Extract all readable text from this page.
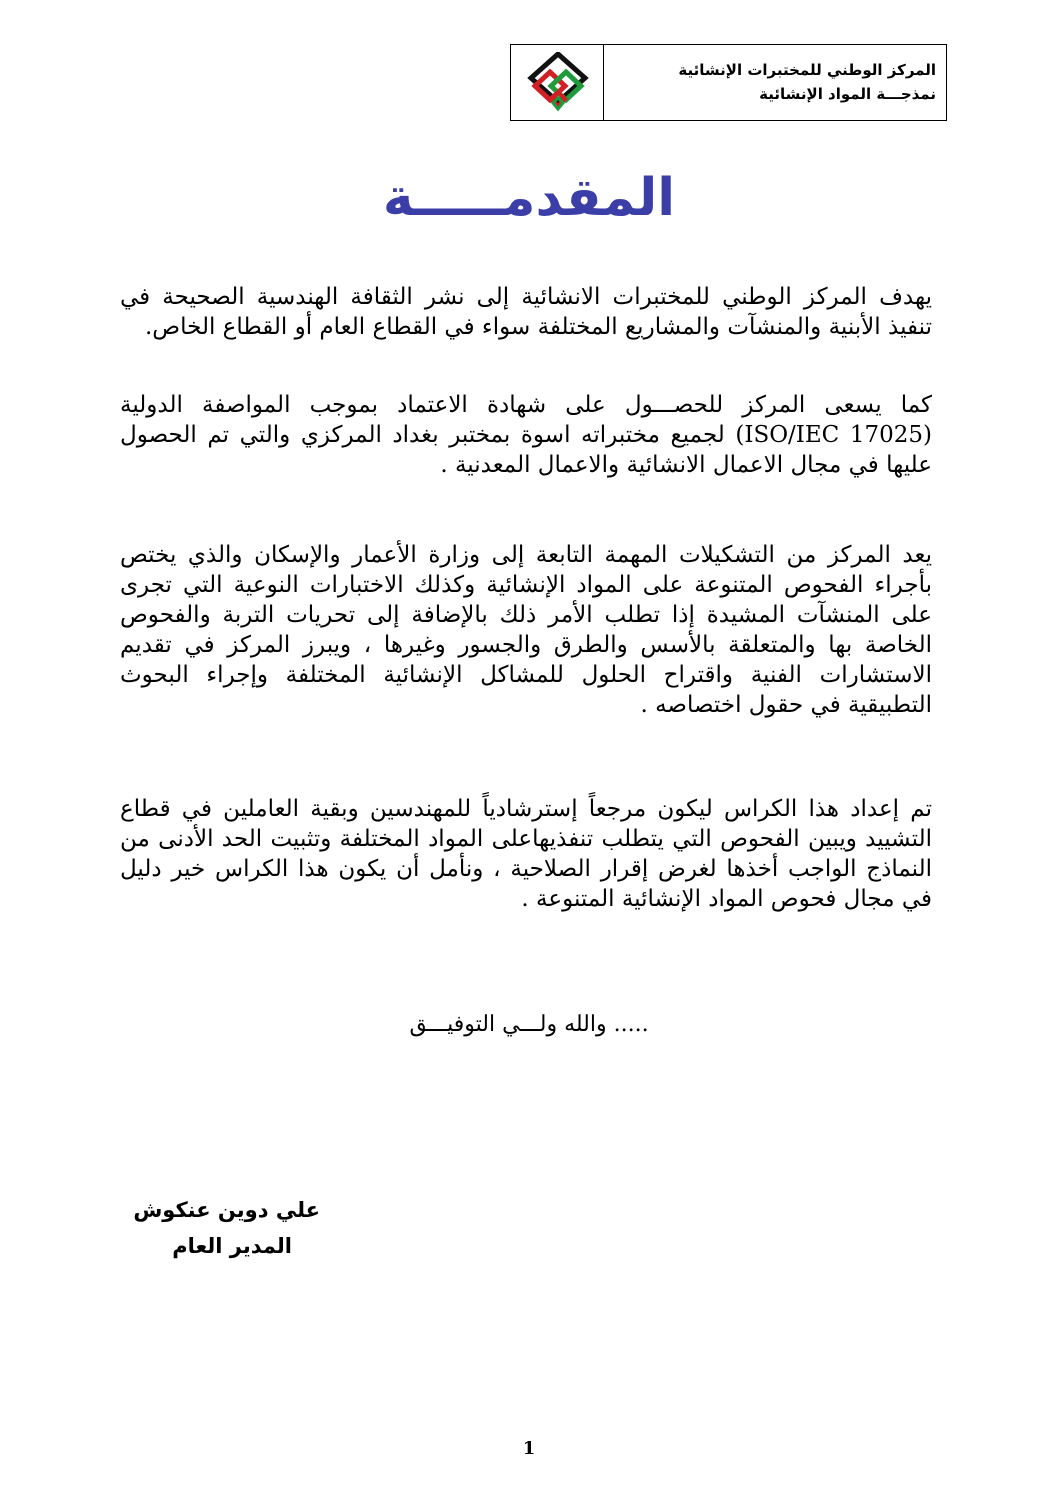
المركز الوطني للمختبرات الإنشائية
نمذجـــة المواد الإنشائية
المقدمـــــة

يهدف المركز الوطني للمختبرات الانشائية إلى نشر الثقافة الهندسية الصحيحة في تنفيذ الأبنية والمنشآت والمشاريع المختلفة سواء في القطاع العام أو القطاع الخاص.

كما يسعى المركز للحصـــول على شهادة الاعتماد بموجب المواصفة الدولية (ISO/IEC 17025) لجميع مختبراته اسوة بمختبر بغداد المركزي والتي تم الحصول عليها في مجال الاعمال الانشائية والاعمال المعدنية .

يعد المركز من التشكيلات المهمة التابعة إلى وزارة الأعمار والإسكان والذي يختص بأجراء الفحوص المتنوعة على المواد الإنشائية وكذلك الاختبارات النوعية التي تجرى على المنشآت المشيدة إذا تطلب الأمر ذلك بالإضافة إلى تحريات التربة والفحوص الخاصة بها والمتعلقة بالأسس والطرق والجسور وغيرها ، ويبرز المركز في تقديم الاستشارات الفنية واقتراح الحلول للمشاكل الإنشائية المختلفة وإجراء البحوث التطبيقية في حقول اختصاصه .

تم إعداد هذا الكراس ليكون مرجعاً إسترشادياً للمهندسين وبقية العاملين في قطاع التشييد ويبين الفحوص التي يتطلب تنفذيهاعلى المواد المختلفة وتثبيت الحد الأدنى من النماذج الواجب أخذها لغرض إقرار الصلاحية ، ونأمل أن يكون هذا الكراس خير دليل في مجال فحوص المواد الإنشائية المتنوعة .

..... والله ولـــي التوفيـــق
علي دوين عنكوش
المدير العام
1
